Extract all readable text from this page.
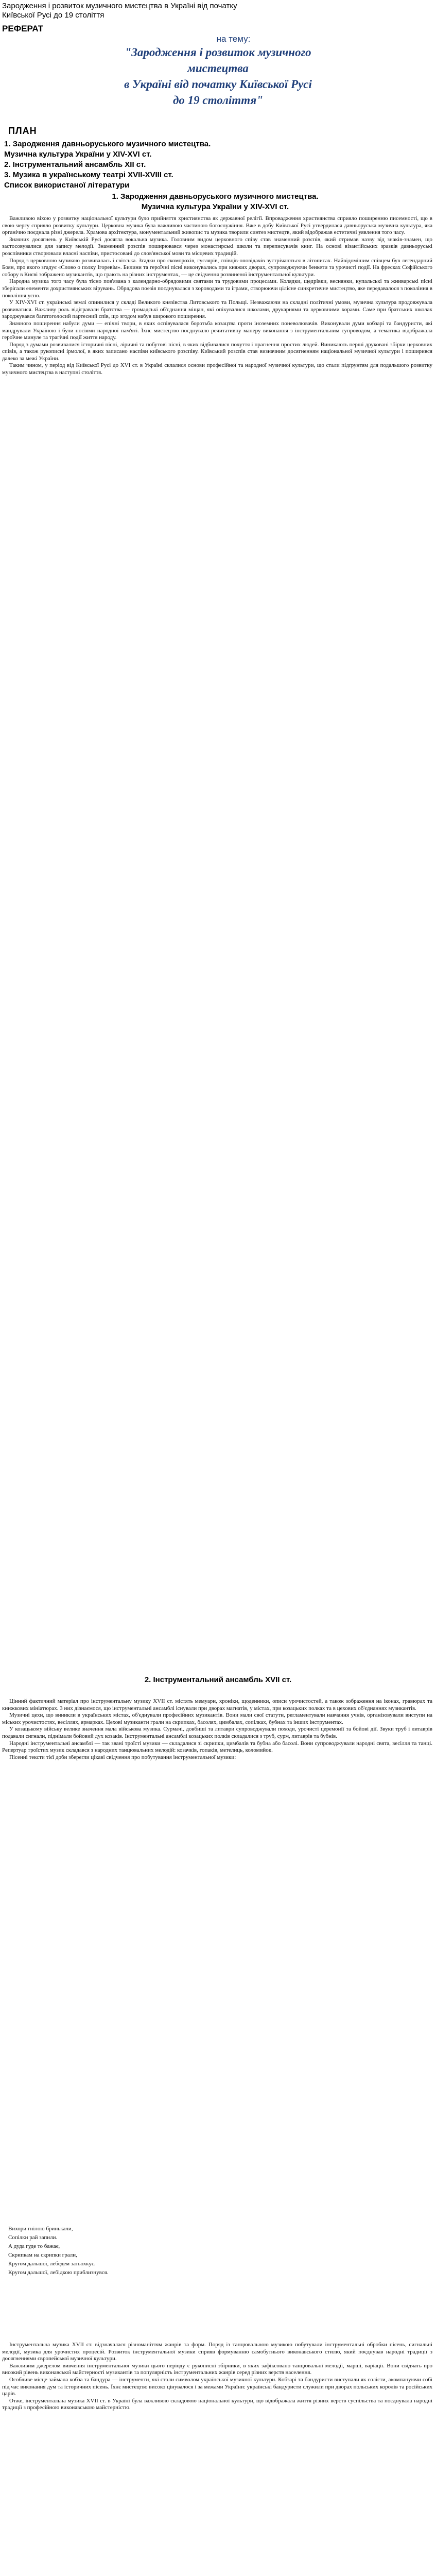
Зародження і розвиток музичного мистецтва в Україні від початку Київської Русі до 19 століття
РЕФЕРАТ
на тему:
"Зародження і розвиток музичного
мистецтва
в Україні від початку Київської Русі
до 19 століття"
ПЛАН
1. Зародження давньоруського музичного мистецтва.
Музична культура України у XIV-XVI ст.
2. Інструментальний ансамбль XII ст.
3. Музика в українському театрі XVII-XVIII ст.
Список використаної літератури
1. Зародження давньоруського музичного мистецтва.
Музична культура України у XIV-XVI ст.

Важливою віхою у розвитку національної культури було прийняття християнства як державної релігії. Впровадження християнства сприяло поширенню писемності, що в свою чергу сприяло розвитку культури. Церковна музика була важливою частиною богослужіння. Вже в добу Київської Русі утвердилася давньоруська музична культура, яка органічно поєднала різні джерела. Храмова архітектура, монументальний живопис та музика творили синтез мистецтв, який відображав естетичні уявлення того часу.

Значних досягнень у Київській Русі досягла вокальна музика. Головним видом церковного співу став знаменний розспів, який отримав назву від знаків-знамен, що застосовувалися для запису мелодії. Знаменний розспів поширювався через монастирські школи та переписувачів книг. На основі візантійських зразків давньоруські розспівники створювали власні наспіви, пристосовані до слов'янської мови та місцевих традицій.

Поряд з церковною музикою розвивалась і світська. Згадки про скоморохів, гуслярів, співців-оповідачів зустрічаються в літописах. Найвідомішим співцем був легендарний Боян, про якого згадує «Слово о полку Ігоревім». Билини та героїчні пісні виконувались при княжих дворах, супроводжуючи бенкети та урочисті події. На фресках Софійського собору в Києві зображено музикантів, що грають на різних інструментах, — це свідчення розвиненої інструментальної культури.

Народна музика того часу була тісно пов'язана з календарно-обрядовими святами та трудовими процесами. Колядки, щедрівки, веснянки, купальські та жниварські пісні зберігали елементи дохристиянських вірувань. Обрядова поезія поєднувалася з хороводами та іграми, створюючи цілісне синкретичне мистецтво, яке передавалося з покоління в покоління усно.

У XIV-XVI ст. українські землі опинилися у складі Великого князівства Литовського та Польщі. Незважаючи на складні політичні умови, музична культура продовжувала розвиватися. Важливу роль відігравали братства — громадські об'єднання міщан, які опікувалися школами, друкарнями та церковними хорами. Саме при братських школах зароджувався багатоголосий партесний спів, що згодом набув широкого поширення.

Значного поширення набули думи — епічні твори, в яких оспівувалася боротьба козацтва проти іноземних поневолювачів. Виконували думи кобзарі та бандуристи, які мандрували Україною і були носіями народної пам'яті. Їхнє мистецтво поєднувало речитативну манеру виконання з інструментальним супроводом, а тематика відображала героїчне минуле та трагічні події життя народу.

Поряд з думами розвивалися історичні пісні, ліричні та побутові пісні, в яких відбивалися почуття і прагнення простих людей. Виникають перші друковані збірки церковних співів, а також рукописні ірмолої, в яких записано наспіви київського розспіву. Київський розспів став визначним досягненням національної музичної культури і поширився далеко за межі України.

Таким чином, у період від Київської Русі до XVI ст. в Україні склалися основи професійної та народної музичної культури, що стали підґрунтям для подальшого розвитку музичного мистецтва в наступні століття.

2. Інструментальний ансамбль XVII ст.

Цінний фактичний матеріал про інструментальну музику XVII ст. містять мемуари, хроніки, щоденники, описи урочистостей, а також зображення на іконах, гравюрах та книжкових мініатюрах. З них дізнаємося, що інструментальні ансамблі існували при дворах магнатів, у містах, при козацьких полках та в цехових об'єднаннях музикантів.

Музичні цехи, що виникли в українських містах, об'єднували професійних музикантів. Вони мали свої статути, регламентували навчання учнів, організовували виступи на міських урочистостях, весіллях, ярмарках. Цехові музиканти грали на скрипках, басолях, цимбалах, сопілках, бубнах та інших інструментах.

У козацькому війську велике значення мала військова музика. Сурмачі, довбиші та литаври супроводжували походи, урочисті церемонії та бойові дії. Звуки труб і литаврів подавали сигнали, піднімали бойовий дух козаків. Інструментальні ансамблі козацьких полків складалися з труб, сурм, литаврів та бубнів.

Народні інструментальні ансамблі — так звані троїсті музики — складалися зі скрипки, цимбалів та бубна або басолі. Вони супроводжували народні свята, весілля та танці. Репертуар троїстих музик складався з народних танцювальних мелодій: козачків, гопаків, метелиць, коломийок.

Пісенні тексти тієї доби зберегли цікаві свідчення про побутування інструментальної музики:

Вихори гнілою бринькали,
Сопілки рай запили.
А дуда гуде то бажає,
Скрипкам на скрипки грали,
Кругом дальшої, лебедем затьохкує.
Кругом дальшої, лебідкою приблизнувся.

Інструментальна музика XVII ст. відзначалася різноманіттям жанрів та форм. Поряд із танцювальною музикою побутували інструментальні обробки пісень, сигнальні мелодії, музика для урочистих процесій. Розвиток інструментальної музики сприяв формуванню самобутнього виконавського стилю, який поєднував народні традиції з досягненнями європейської музичної культури.

Важливим джерелом вивчення інструментальної музики цього періоду є рукописні збірники, в яких зафіксовано танцювальні мелодії, марші, варіації. Вони свідчать про високий рівень виконавської майстерності музикантів та популярність інструментальних жанрів серед різних верств населення.

Особливе місце займала кобза та бандура — інструменти, які стали символом української музичної культури. Кобзарі та бандуристи виступали як солісти, акомпануючи собі під час виконання дум та історичних пісень. Їхнє мистецтво високо цінувалося і за межами України: українські бандуристи служили при дворах польських королів та російських царів.

Отже, інструментальна музика XVII ст. в Україні була важливою складовою національної культури, що відображала життя різних верств суспільства та поєднувала народні традиції з професійною виконавською майстерністю.
